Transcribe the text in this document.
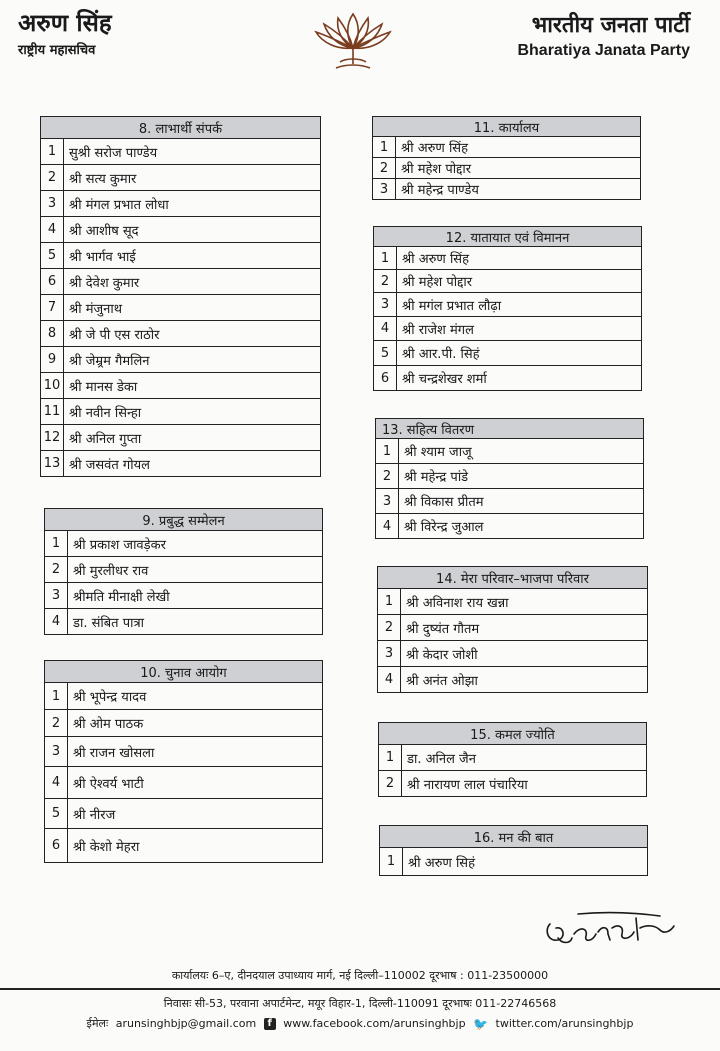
अरुण सिंह
राष्ट्रीय महासचिव
भारतीय जनता पार्टी
Bharatiya Janata Party
8. लाभार्थी संपर्क	
1	सुश्री सरोज पाण्डेय
2	श्री सत्य कुमार
3	श्री मंगल प्रभात लोधा
4	श्री आशीष सूद
5	श्री भार्गव भाई
6	श्री देवेश कुमार
7	श्री मंजुनाथ
8	श्री जे पी एस राठोर
9	श्री जेम्र्रम गैमलिन
10	श्री मानस डेका
11	श्री नवीन सिन्हा
12	श्री अनिल गुप्ता
13	श्री जसवंत गोयल
9. प्रबुद्ध सम्मेलन	
1	श्री प्रकाश जावड़ेकर
2	श्री मुरलीधर राव
3	श्रीमति मीनाक्षी लेखी
4	डा. संबित पात्रा
10. चुनाव आयोग	
1	श्री भूपेन्द्र यादव
2	श्री ओम पाठक
3	श्री राजन खोसला
4	श्री ऐश्वर्य भाटी
5	श्री नीरज
6	श्री केशो मेहरा
11. कार्यालय	
1	श्री अरुण सिंह
2	श्री महेश पोद्दार
3	श्री महेन्द्र पाण्डेय
12. यातायात एवं विमानन	
1	श्री अरुण सिंह
2	श्री महेश पोद्दार
3	श्री मगंल प्रभात लौढ़ा
4	श्री राजेश मंगल
5	श्री आर.पी. सिहं
6	श्री चन्द्रशेखर शर्मा
13. सहित्य वितरण	
1	श्री श्याम जाजू
2	श्री महेन्द्र पांडे
3	श्री विकास प्रीतम
4	श्री विरेन्द्र जुआल
14. मेरा परिवार–भाजपा परिवार	
1	श्री अविनाश राय खन्ना
2	श्री दुष्यंत गौतम
3	श्री केदार जोशी
4	श्री अनंत ओझा
15. कमल ज्योति	
1	डा. अनिल जैन
2	श्री नारायण लाल पंचारिया
16. मन की बात
1	श्री अरुण सिहं
कार्यालयः 6–ए, दीनदयाल उपाध्याय मार्ग, नई दिल्ली–110002 दूरभाष : 011-23500000
निवासः सी-53, परवाना अपार्टमेन्ट, मयूर विहार-1, दिल्ली-110091 दूरभाषः 011-22746568
ईमेलः arunsinghbjp@gmail.com f www.facebook.com/arunsinghbjp 🐦 twitter.com/arunsinghbjp
